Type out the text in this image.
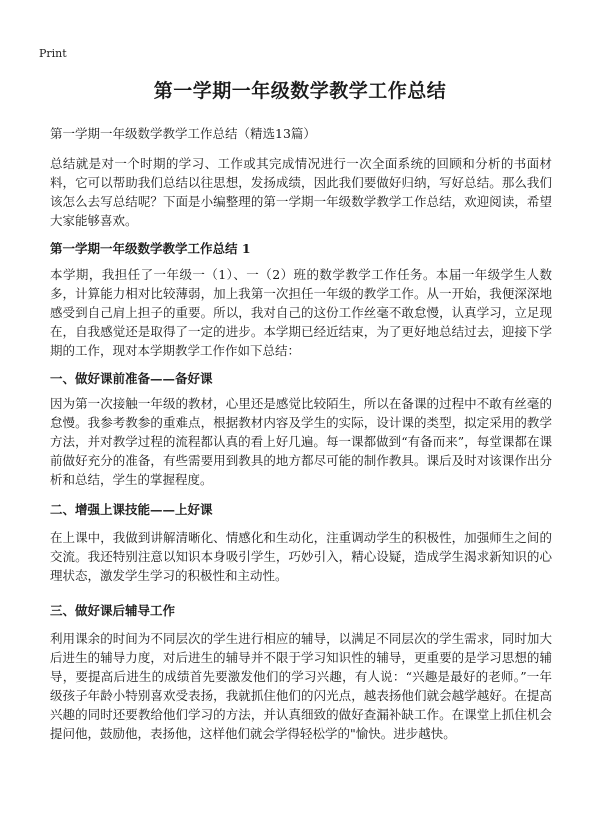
Print
第一学期一年级数学教学工作总结

第一学期一年级数学教学工作总结（精选13篇）

总结就是对一个时期的学习、工作或其完成情况进行一次全面系统的回顾和分析的书面材料，它可以帮助我们总结以往思想，发扬成绩，因此我们要做好归纳，写好总结。那么我们该怎么去写总结呢？下面是小编整理的第一学期一年级数学教学工作总结，欢迎阅读，希望大家能够喜欢。

第一学期一年级数学教学工作总结 1

本学期，我担任了一年级一（1）、一（2）班的数学教学工作任务。本届一年级学生人数多，计算能力相对比较薄弱，加上我第一次担任一年级的教学工作。从一开始，我便深深地感受到自己肩上担子的重要。所以，我对自己的这份工作丝毫不敢怠慢，认真学习，立足现在，自我感觉还是取得了一定的进步。本学期已经近结束，为了更好地总结过去，迎接下学期的工作，现对本学期教学工作作如下总结：

一、做好课前准备——备好课

因为第一次接触一年级的教材，心里还是感觉比较陌生，所以在备课的过程中不敢有丝毫的怠慢。我参考教参的重难点，根据教材内容及学生的实际，设计课的类型，拟定采用的教学方法，并对教学过程的流程都认真的看上好几遍。每一课都做到“有备而来”，每堂课都在课前做好充分的准备，有些需要用到教具的地方都尽可能的制作教具。课后及时对该课作出分析和总结，学生的掌握程度。

二、增强上课技能——上好课

在上课中，我做到讲解清晰化、情感化和生动化，注重调动学生的积极性，加强师生之间的交流。我还特别注意以知识本身吸引学生，巧妙引入，精心设疑，造成学生渴求新知识的心理状态，激发学生学习的积极性和主动性。

三、做好课后辅导工作

利用课余的时间为不同层次的学生进行相应的辅导，以满足不同层次的学生需求，同时加大后进生的辅导力度，对后进生的辅导并不限于学习知识性的辅导，更重要的是学习思想的辅导，要提高后进生的成绩首先要激发他们的学习兴趣，有人说：“兴趣是最好的老师。”一年级孩子年龄小特别喜欢受表扬，我就抓住他们的闪光点，越表扬他们就会越学越好。在提高兴趣的同时还要教给他们学习的方法，并认真细致的做好查漏补缺工作。在课堂上抓住机会提问他，鼓励他，表扬他，这样他们就会学得轻松学的"愉快。进步越快。
